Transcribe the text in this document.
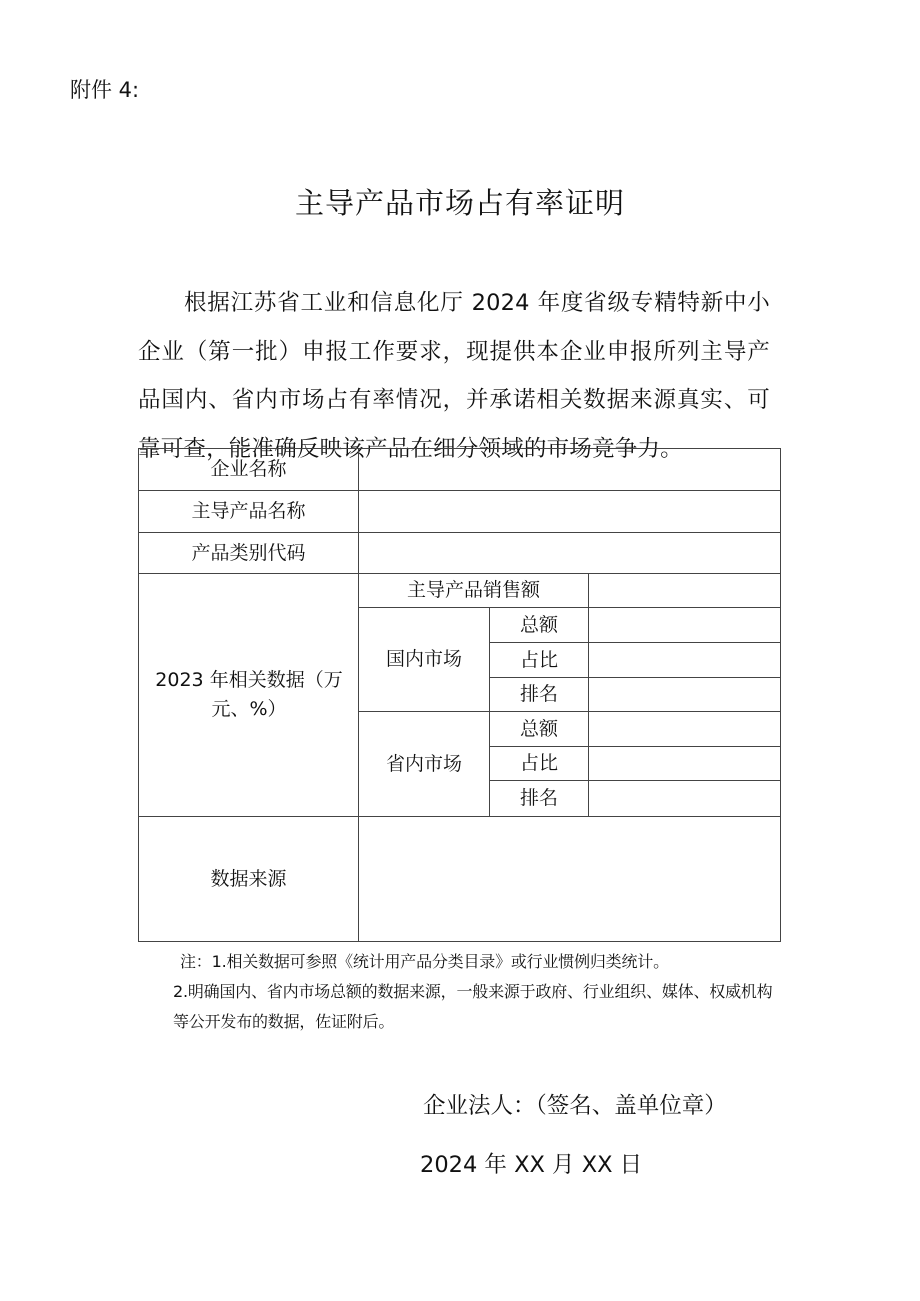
附件 4:
主导产品市场占有率证明

根据江苏省工业和信息化厅 2024 年度省级专精特新中小企业（第一批）申报工作要求，现提供本企业申报所列主导产品国内、省内市场占有率情况，并承诺相关数据来源真实、可靠可查，能准确反映该产品在细分领域的市场竞争力。

企业名称
主导产品名称
产品类别代码
2023 年相关数据（万元、%）
主导产品销售额
国内市场
总额
占比
排名
省内市场
总额
占比
排名
数据来源

注：1.相关数据可参照《统计用产品分类目录》或行业惯例归类统计。

2.明确国内、省内市场总额的数据来源，一般来源于政府、行业组织、媒体、权威机构等公开发布的数据，佐证附后。

企业法人：（签名、盖单位章）
2024 年 XX 月 XX 日
